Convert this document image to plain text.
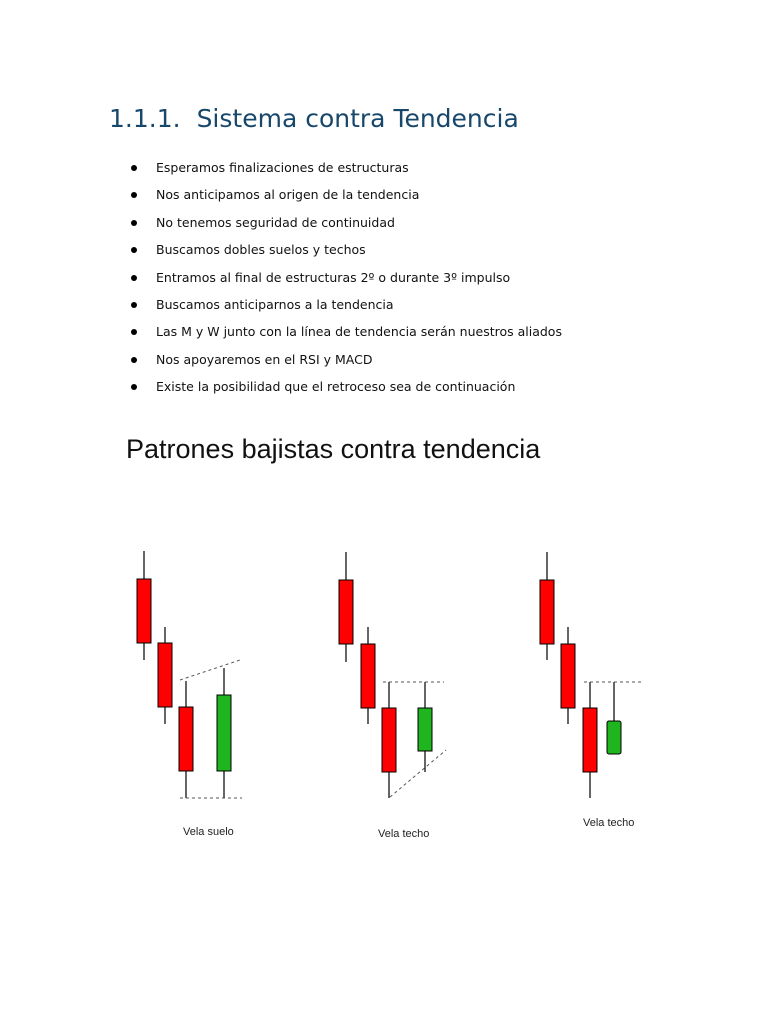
1.1.1. Sistema contra Tendencia
Esperamos finalizaciones de estructuras
Nos anticipamos al origen de la tendencia
No tenemos seguridad de continuidad
Buscamos dobles suelos y techos
Entramos al final de estructuras 2º o durante 3º impulso
Buscamos anticiparnos a la tendencia
Las M y W junto con la línea de tendencia serán nuestros aliados
Nos apoyaremos en el RSI y MACD
Existe la posibilidad que el retroceso sea de continuación
Patrones bajistas contra tendencia
Vela suelo	Vela techo
Vela techo
